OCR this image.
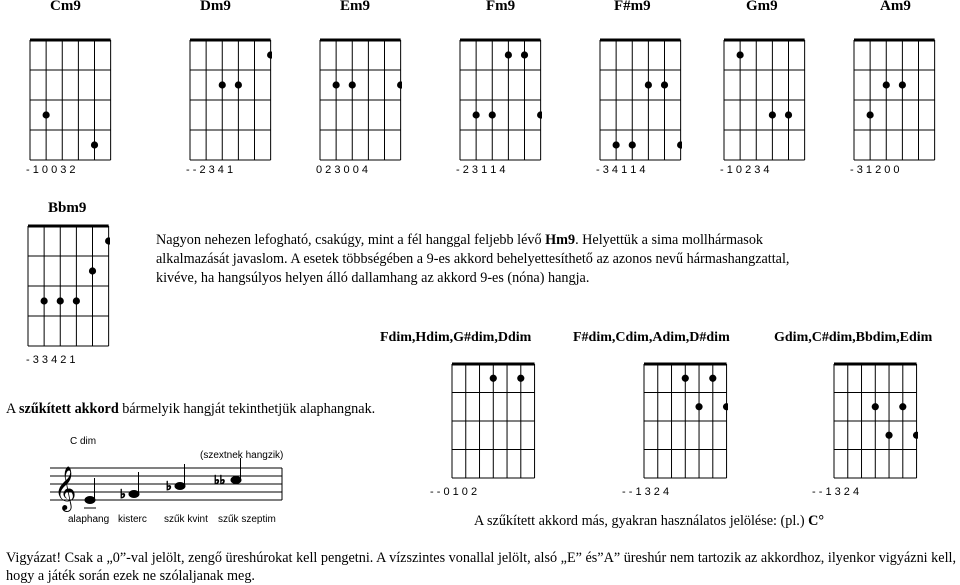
Cm9	Dm9	Em9	Fm9	F#m9	Gm9	Am9
- 1 0 0 3 2	- - 2 3 4 1	0 2 3 0 0 4	- 2 3 1 1 4	- 3 4 1 1 4	- 1 0 2 3 4	- 3 1 2 0 0
Bbm9
- 3 3 4 2 1
Nagyon nehezen lefogható, csakúgy, mint a fél hanggal feljebb lévő Hm9. Helyettük a sima mollhármasok alkalmazását javaslom. A esetek többségében a 9-es akkord behelyettesíthető az azonos nevű hármashangzattal, kivéve, ha hangsúlyos helyen álló dallamhang az akkord 9-es (nóna) hangja.
Fdim,Hdim,G#dim,Ddim	F#dim,Cdim,Adim,D#dim	Gdim,C#dim,Bbdim,Edim
- - 0 1 0 2	- - 1 3 2 4	- - 1 3 2 4
A szűkített akkord bármelyik hangját tekinthetjük alaphangnak.
C dim
(szextnek hangzik)
𝄞	♭
♭	♭♭
alaphang kisterc szűk kvint szűk szeptim	A szűkített akkord más, gyakran használatos jelölése: (pl.) C°
Vigyázat! Csak a „0”-val jelölt, zengő üreshúrokat kell pengetni. A vízszintes vonallal jelölt, alsó „E” és”A” üreshúr nem tartozik az akkordhoz, ilyenkor vigyázni kell, hogy a játék során ezek ne szólaljanak meg.
